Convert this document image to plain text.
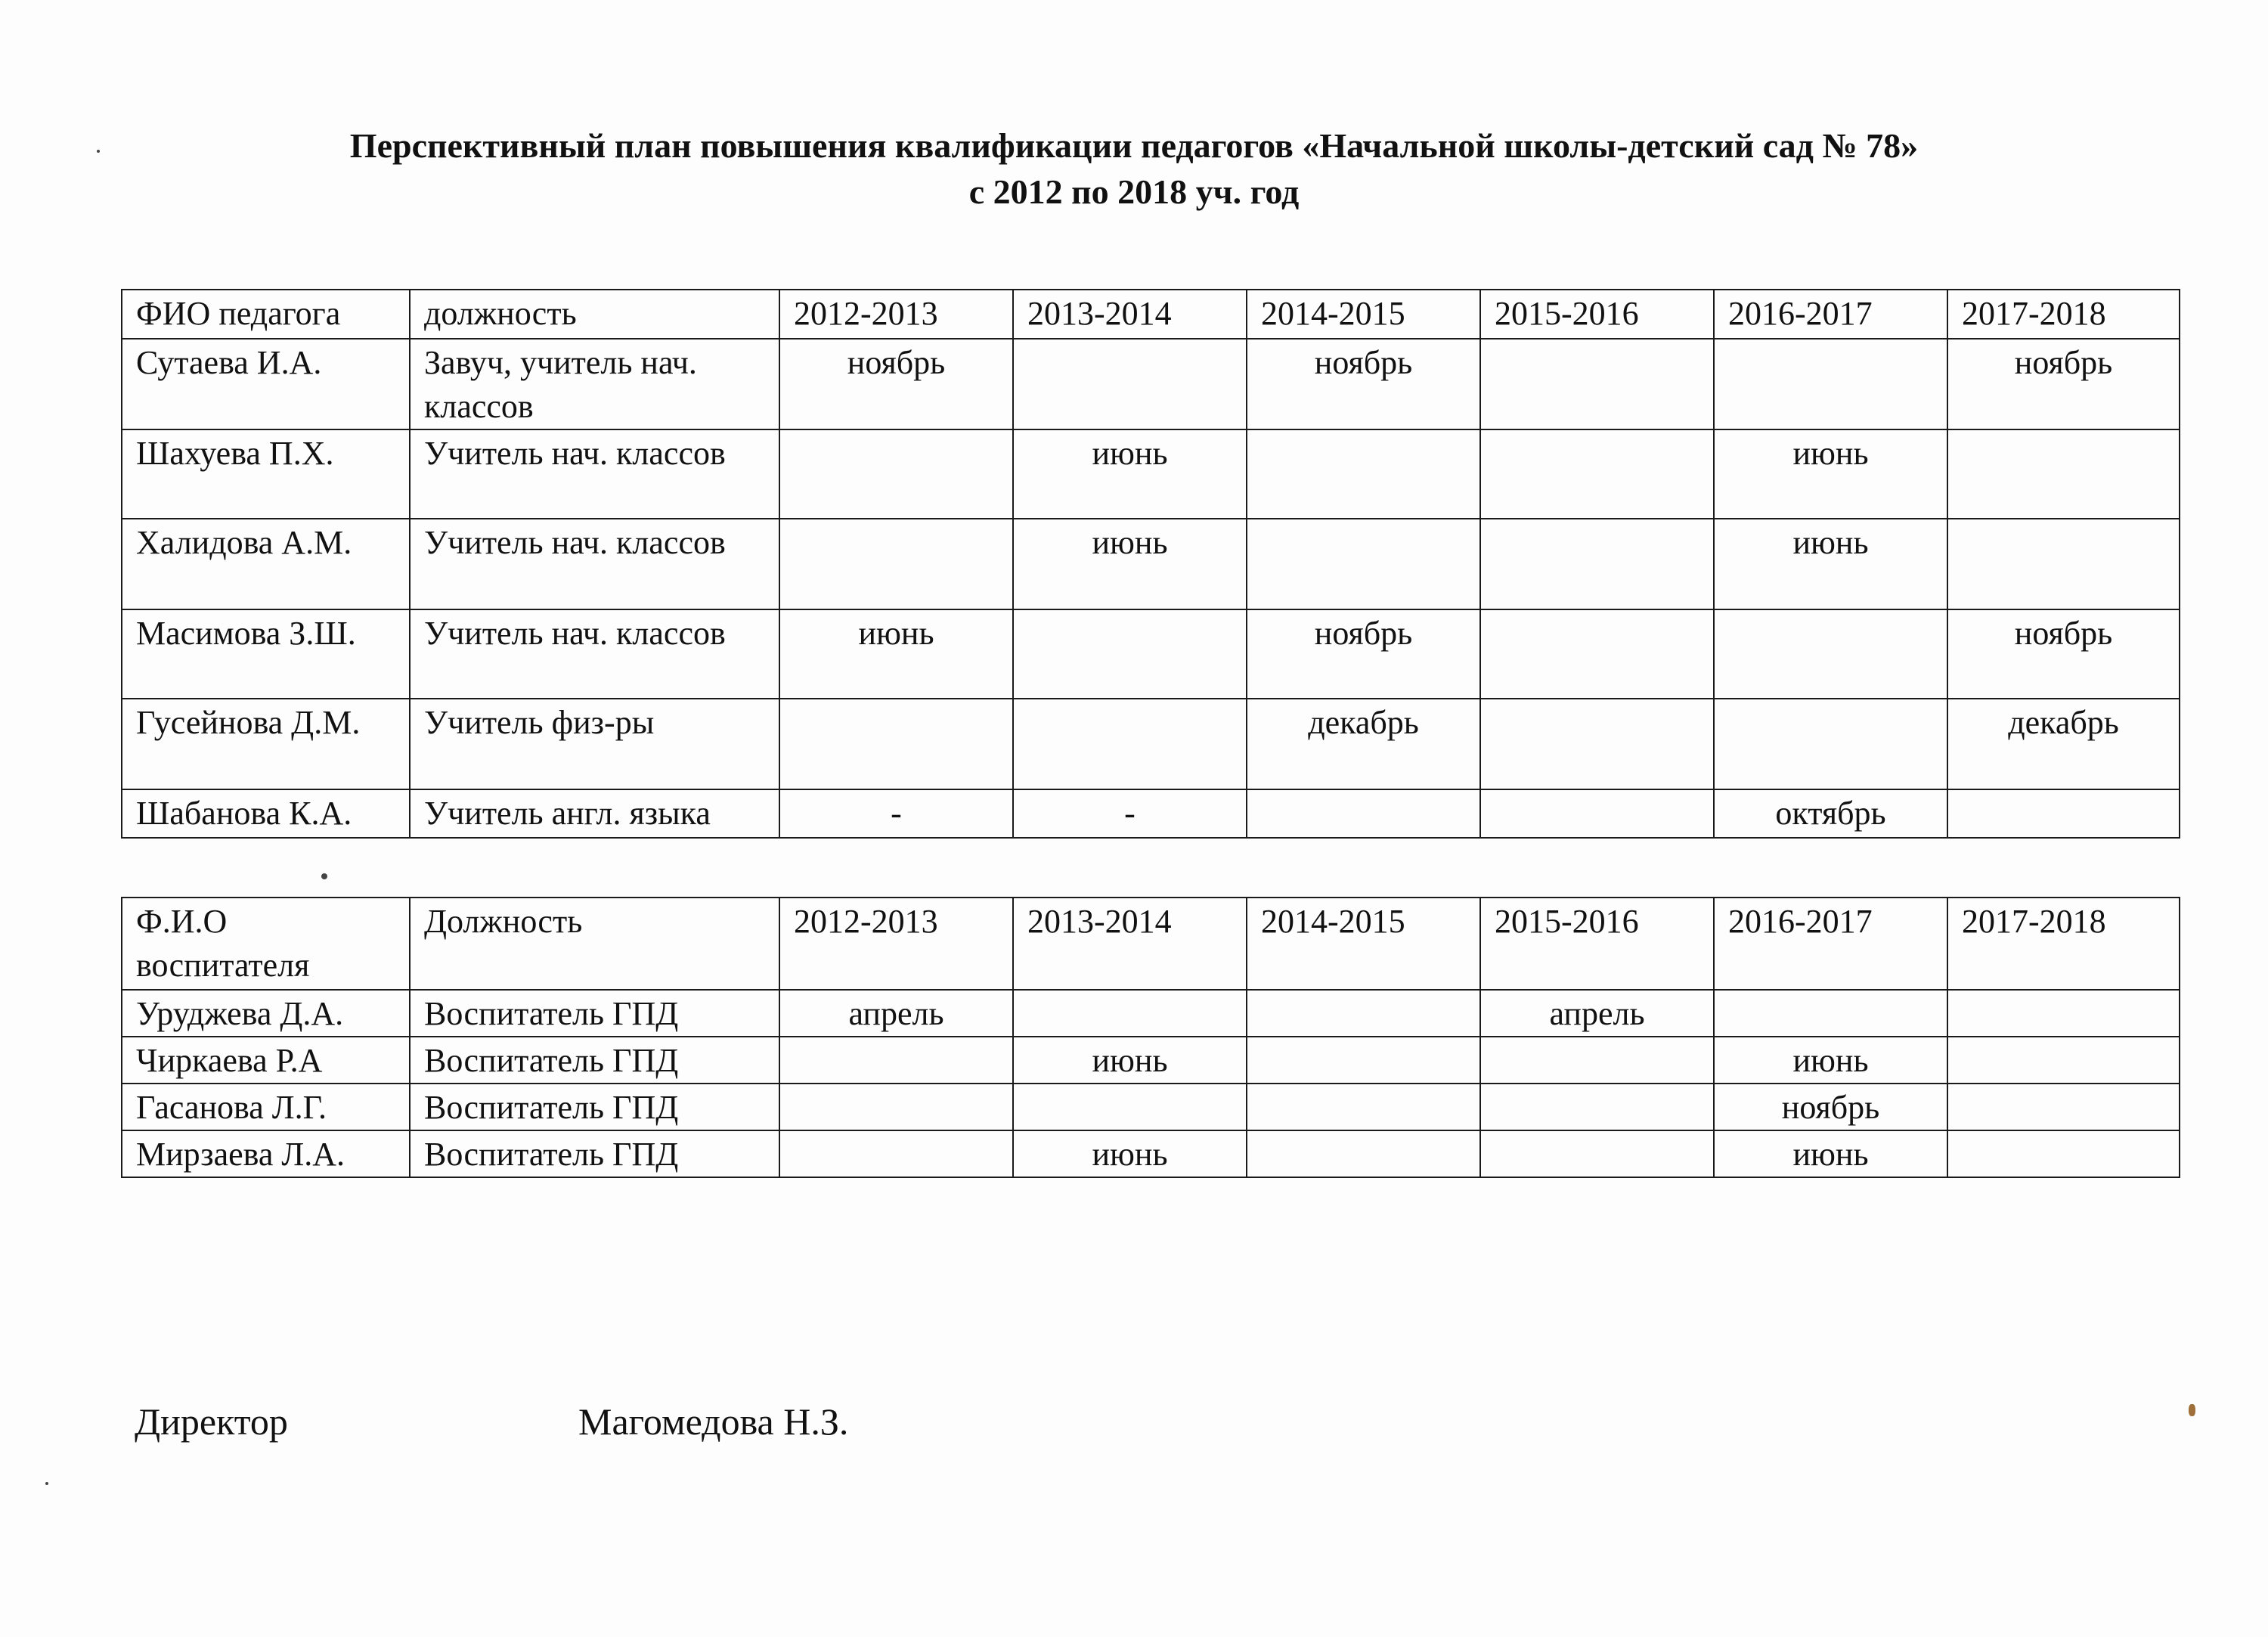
Перспективный план повышения квалификации педагогов «Начальной школы-детский сад № 78»
с 2012 по 2018 уч. год
ФИО педагога	должность	2012-2013	2013-2014	2014-2015	2015-2016	2016-2017	2017-2018
Сутаева И.А.	Завуч, учитель нач. классов	ноябрь		ноябрь			ноябрь
Шахуева П.Х.	Учитель нач. классов		июнь			июнь	
Халидова А.М.	Учитель нач. классов		июнь			июнь	
Масимова З.Ш.	Учитель нач. классов	июнь		ноябрь			ноябрь
Гусейнова Д.М.	Учитель физ-ры			декабрь			декабрь
Шабанова К.А.	Учитель англ. языка	-	-			октябрь	
Ф.И.О воспитателя	Должность	2012-2013	2013-2014	2014-2015	2015-2016	2016-2017	2017-2018
Уруджева Д.А.	Воспитатель ГПД	апрель			апрель		
Чиркаева Р.А	Воспитатель ГПД		июнь			июнь	
Гасанова Л.Г.	Воспитатель ГПД					ноябрь	
Мирзаева Л.А.	Воспитатель ГПД		июнь			июнь	
Директор	Магомедова Н.З.
